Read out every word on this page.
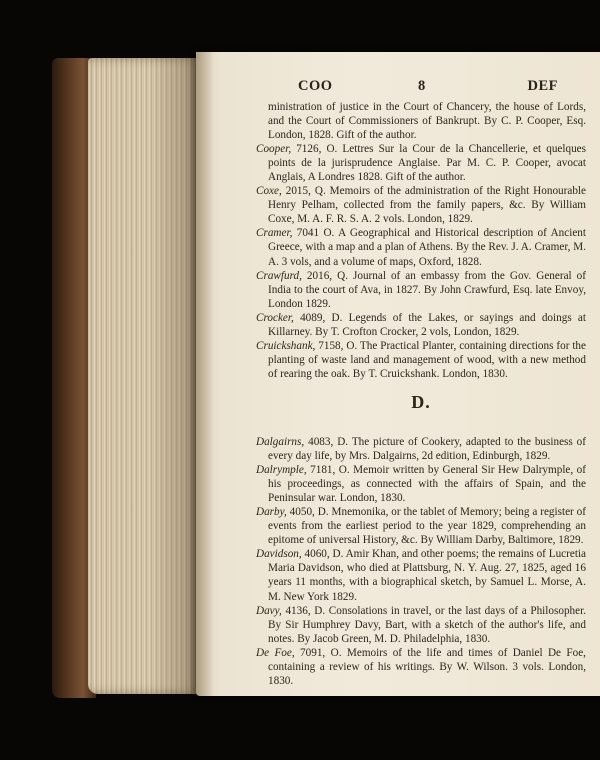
COO	8	DEF

ministration of justice in the Court of Chancery, the house of Lords, and the Court of Commissioners of Bankrupt. By C. P. Cooper, Esq. London, 1828. Gift of the author.

Cooper, 7126, O. Lettres Sur la Cour de la Chancellerie, et quelques points de la jurisprudence Anglaise. Par M. C. P. Cooper, avocat Anglais, A Londres 1828. Gift of the author.

Coxe, 2015, Q. Memoirs of the administration of the Right Honourable Henry Pelham, collected from the family papers, &c. By William Coxe, M. A. F. R. S. A. 2 vols. London, 1829.

Cramer, 7041 O. A Geographical and Historical description of Ancient Greece, with a map and a plan of Athens. By the Rev. J. A. Cramer, M. A. 3 vols, and a volume of maps, Oxford, 1828.

Crawfurd, 2016, Q. Journal of an embassy from the Gov. General of India to the court of Ava, in 1827. By John Crawfurd, Esq. late Envoy, London 1829.

Crocker, 4089, D. Legends of the Lakes, or sayings and doings at Killarney. By T. Crofton Crocker, 2 vols, London, 1829.

Cruickshank, 7158, O. The Practical Planter, containing directions for the planting of waste land and management of wood, with a new method of rearing the oak. By T. Cruickshank. London, 1830.

D.

Dalgairns, 4083, D. The picture of Cookery, adapted to the business of every day life, by Mrs. Dalgairns, 2d edition, Edinburgh, 1829.

Dalrymple, 7181, O. Memoir written by General Sir Hew Dalrymple, of his proceedings, as connected with the affairs of Spain, and the Peninsular war. London, 1830.

Darby, 4050, D. Mnemonika, or the tablet of Memory; being a register of events from the earliest period to the year 1829, comprehending an epitome of universal History, &c. By William Darby, Baltimore, 1829.

Davidson, 4060, D. Amir Khan, and other poems; the remains of Lucretia Maria Davidson, who died at Plattsburg, N. Y. Aug. 27, 1825, aged 16 years 11 months, with a biographical sketch, by Samuel L. Morse, A. M. New York 1829.

Davy, 4136, D. Consolations in travel, or the last days of a Philosopher. By Sir Humphrey Davy, Bart, with a sketch of the author's life, and notes. By Jacob Green, M. D. Philadelphia, 1830.

De Foe, 7091, O. Memoirs of the life and times of Daniel De Foe, containing a review of his writings. By W. Wilson. 3 vols. London, 1830.
